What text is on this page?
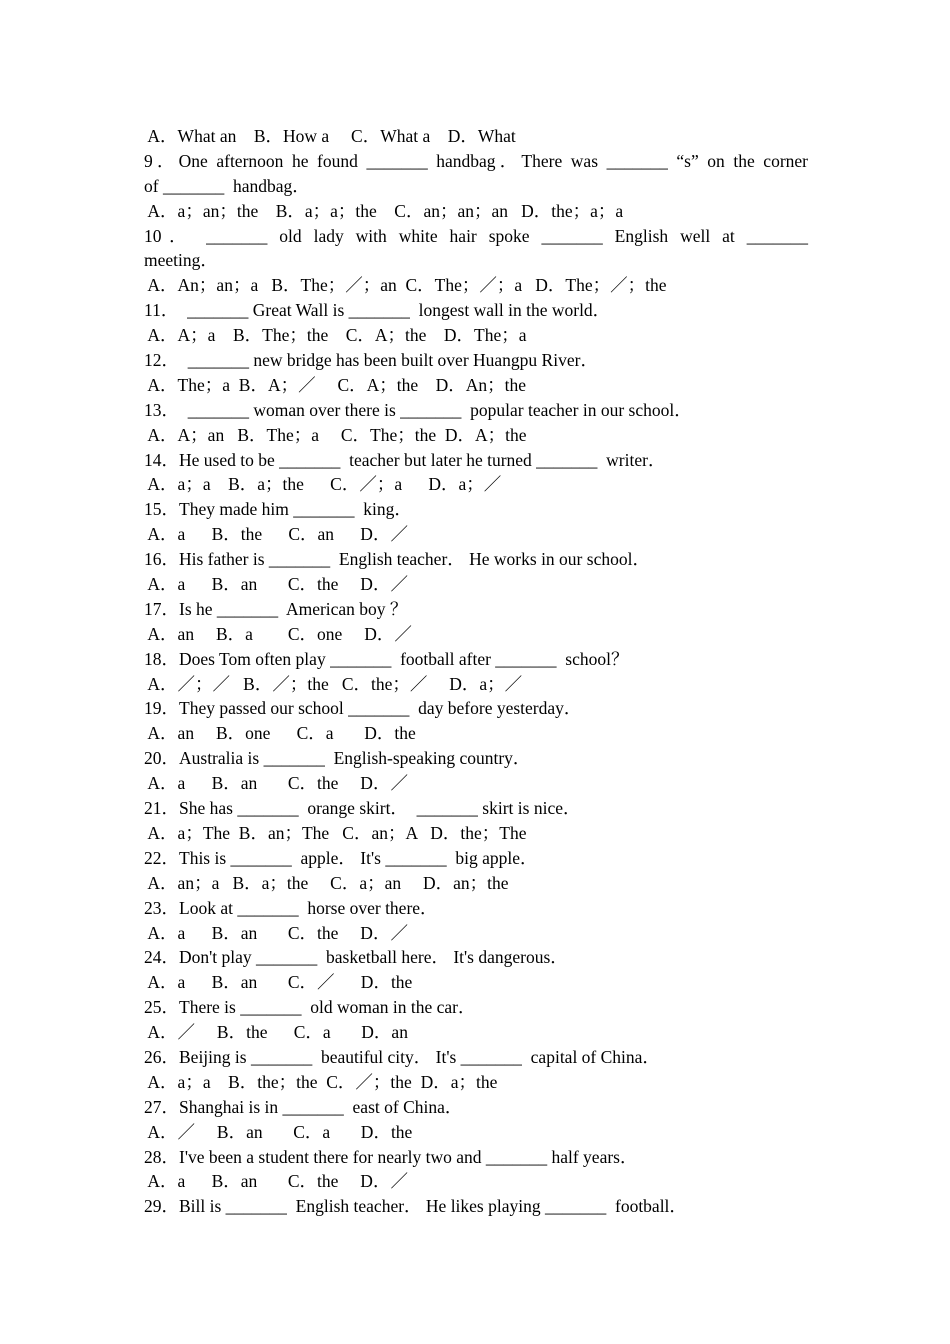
A．What an    B．How a     C．What a    D．What
9．One afternoon he found _______ handbag．There was _______ “s” on the corner
of _______  handbag．
A．a；an；the    B．a；a；the    C．an；an；an   D．the；a；a
10． _______ old lady with white hair spoke _______ English well at _______
meeting．
A．An；an；a   B．The；／；an  C．The；／；a   D．The；／；the
11．  _______ Great Wall is _______  longest wall in the world．
A．A；a    B．The；the    C．A；the    D．The；a
12．  _______ new bridge has been built over Huangpu River．
A．The；a  B．A；／     C．A；the    D．An；the
13．  _______ woman over there is _______  popular teacher in our school．
A．A；an   B．The；a     C．The；the  D．A；the
14．He used to be _______  teacher but later he turned _______  writer．
A．a；a    B．a；the      C．／；a      D．a；／
15．They made him _______  king．
A．a      B．the      C．an      D．／
16．His father is _______  English teacher． He works in our school．
A．a      B．an       C．the     D．／
17．Is he _______  American boy ？
A．an     B．a        C．one     D．／
18．Does Tom often play _______  football after _______  school？
A．／；／   B．／；the   C．the；／     D．a；／
19．They passed our school _______  day before yesterday．
A．an     B．one      C．a       D．the
20．Australia is _______  English-speaking country．
A．a      B．an       C．the     D．／
21．She has _______  orange skirt．  _______ skirt is nice．
A．a；The  B．an；The   C．an；A   D．the；The
22．This is _______  apple． It's _______  big apple．
A．an；a   B．a；the     C．a；an     D．an；the
23．Look at _______  horse over there．
A．a      B．an       C．the     D．／
24．Don't play _______  basketball here． It's dangerous．
A．a      B．an       C．／      D．the
25．There is _______  old woman in the car．
A．／     B．the      C．a       D．an
26．Beijing is _______  beautiful city． It's _______  capital of China．
A．a；a    B．the；the  C．／；the  D．a；the
27．Shanghai is in _______  east of China．
A．／     B．an       C．a       D．the
28．I've been a student there for nearly two and _______ half years．
A．a      B．an       C．the     D．／
29．Bill is _______  English teacher． He likes playing _______  football．
